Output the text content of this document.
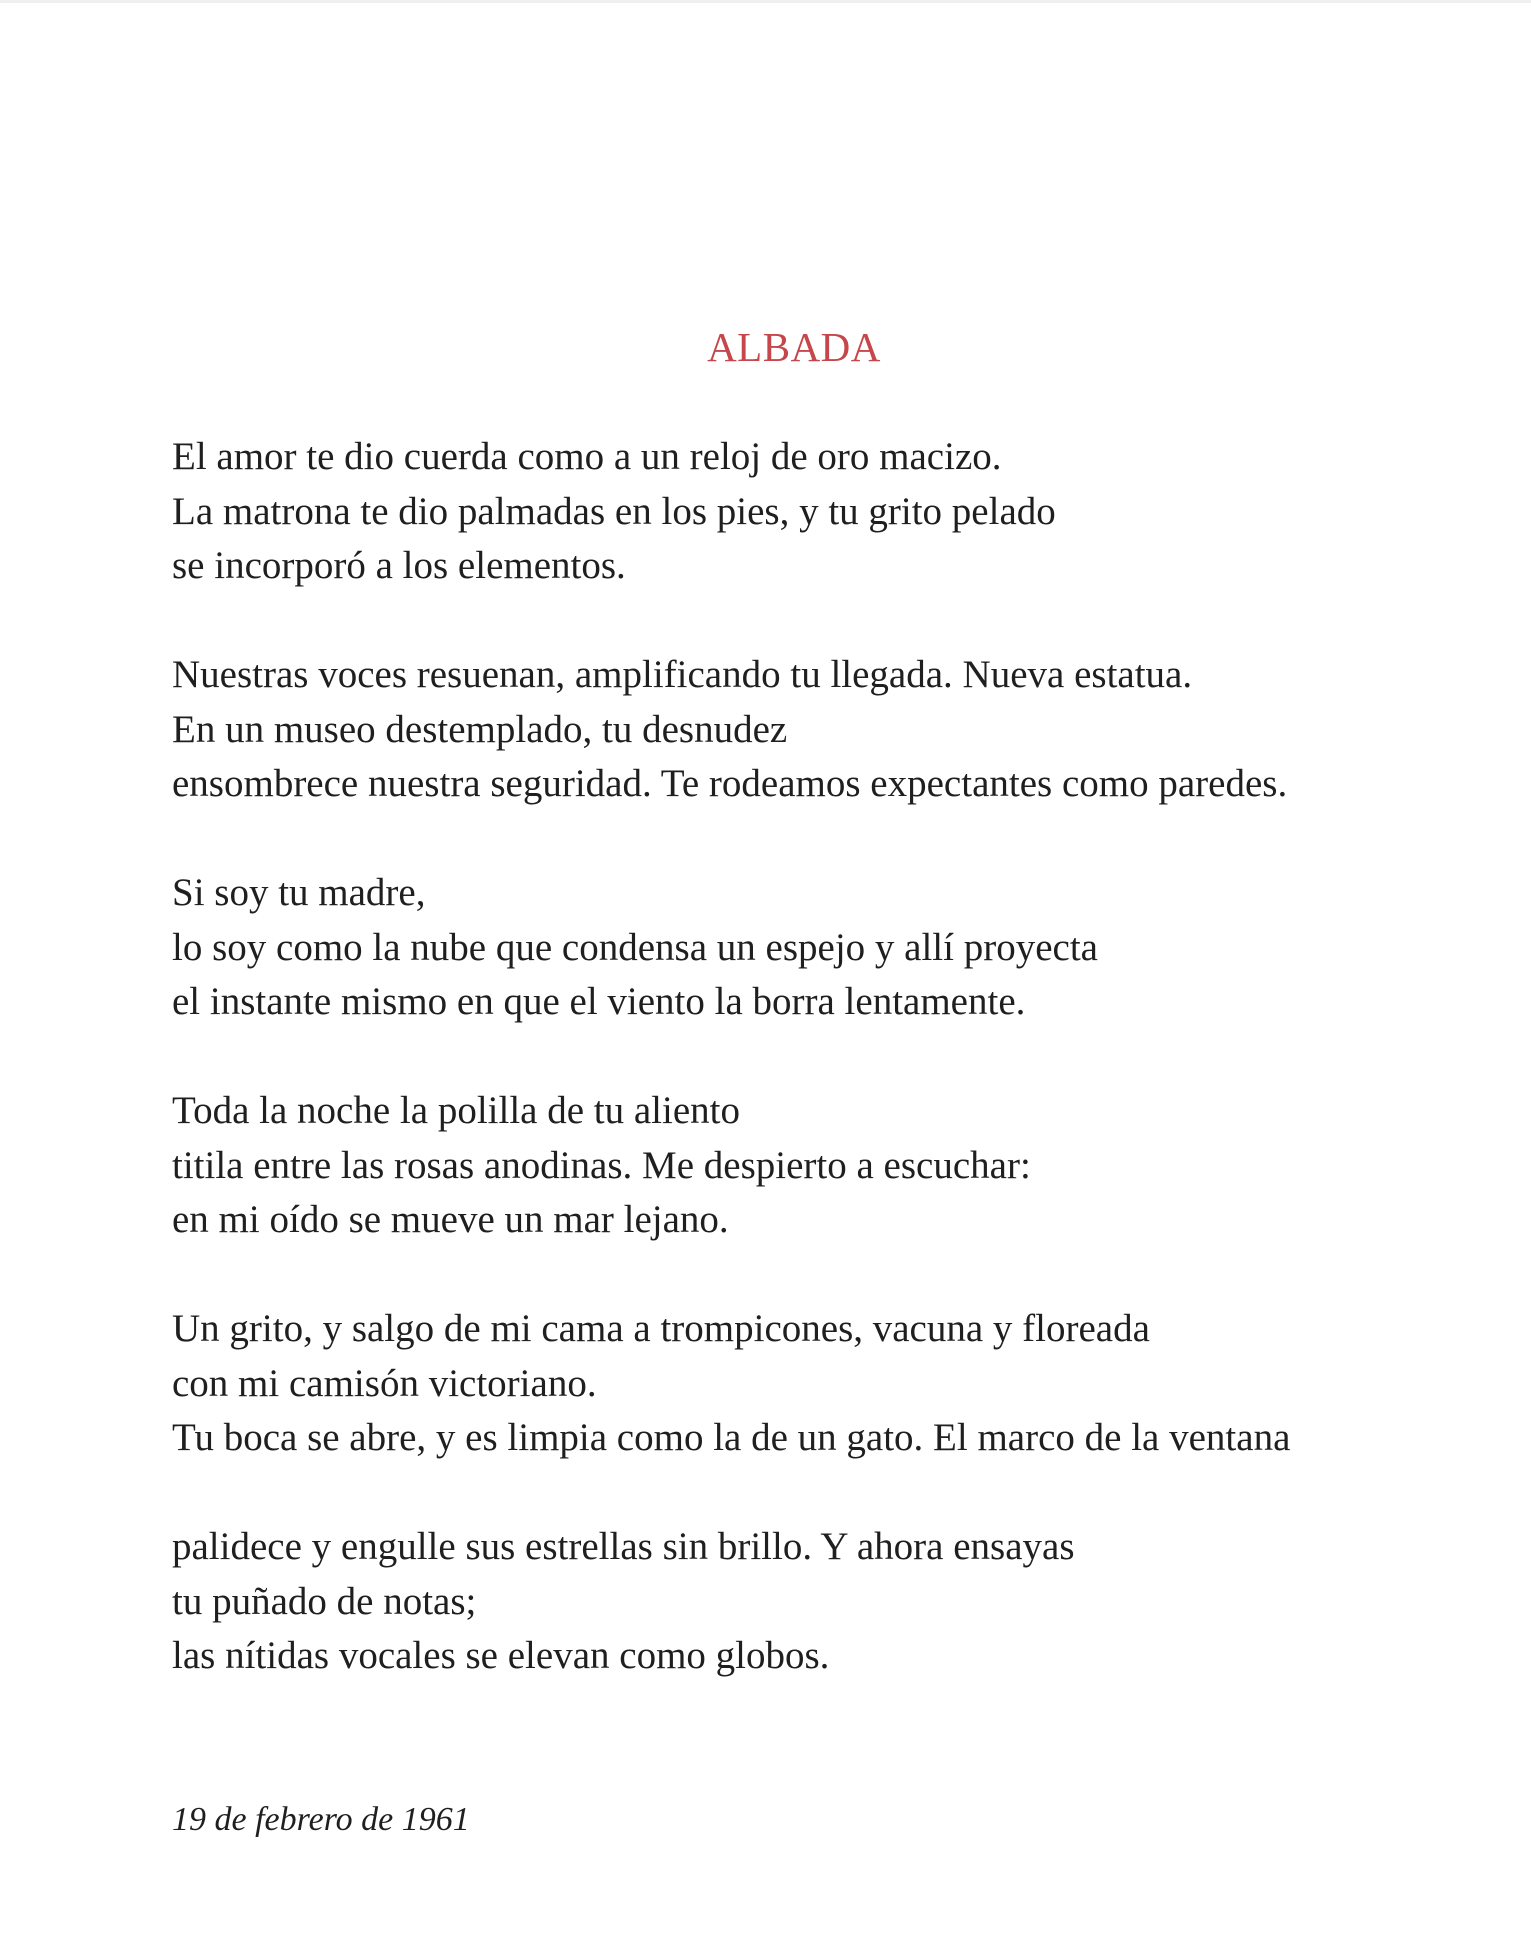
ALBADA
El amor te dio cuerda como a un reloj de oro macizo.
La matrona te dio palmadas en los pies, y tu grito pelado
se incorporó a los elementos.
Nuestras voces resuenan, amplificando tu llegada. Nueva estatua.
En un museo destemplado, tu desnudez
ensombrece nuestra seguridad. Te rodeamos expectantes como paredes.
Si soy tu madre,
lo soy como la nube que condensa un espejo y allí proyecta
el instante mismo en que el viento la borra lentamente.
Toda la noche la polilla de tu aliento
titila entre las rosas anodinas. Me despierto a escuchar:
en mi oído se mueve un mar lejano.
Un grito, y salgo de mi cama a trompicones, vacuna y floreada
con mi camisón victoriano.
Tu boca se abre, y es limpia como la de un gato. El marco de la ventana
palidece y engulle sus estrellas sin brillo. Y ahora ensayas
tu puñado de notas;
las nítidas vocales se elevan como globos.
19 de febrero de 1961
